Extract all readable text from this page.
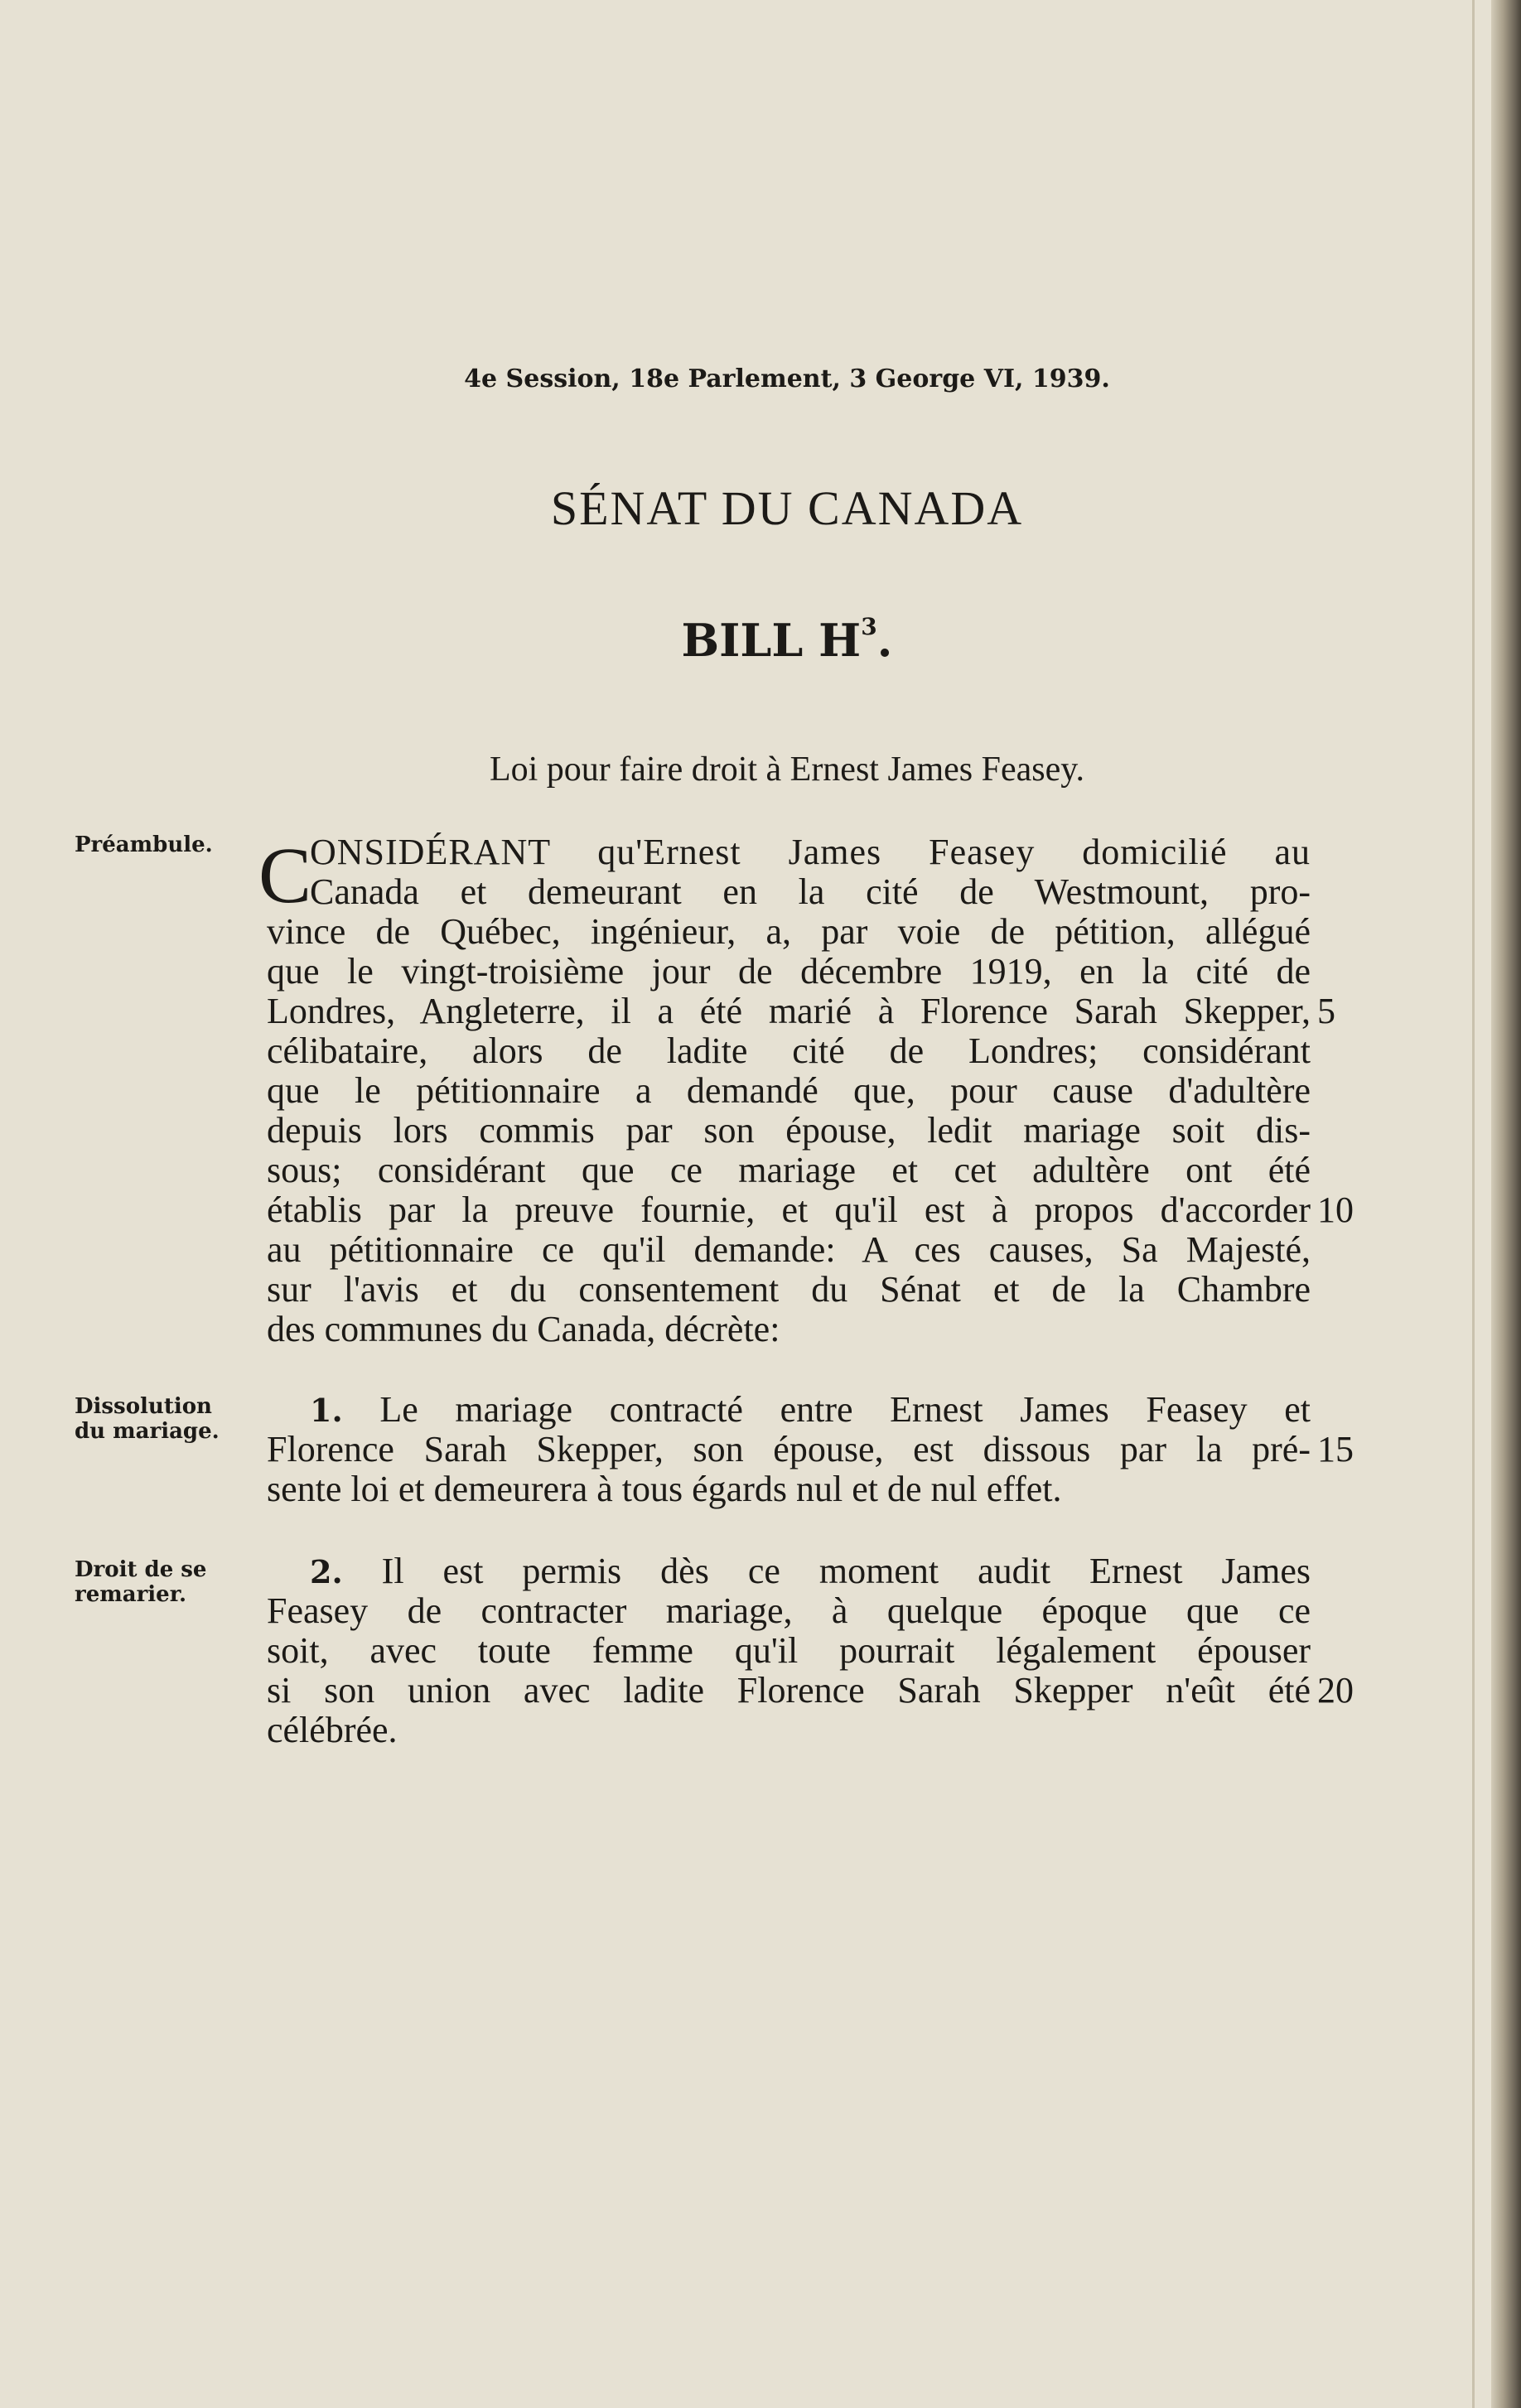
4e Session, 18e Parlement, 3 George VI, 1939.
SÉNAT DU CANADA
BILL $H^3$.
Loi pour faire droit à Ernest James Feasey.
Préambule.
Dissolution
du mariage.
Droit de se
remarier.
C
ONSIDÉRANT qu'Ernest James Feasey domicilié au
Canada et demeurant en la cité de Westmount, pro-
vince de Québec, ingénieur, a, par voie de pétition, allégué
que le vingt-troisième jour de décembre 1919, en la cité de
Londres, Angleterre, il a été marié à Florence Sarah Skepper,
célibataire, alors de ladite cité de Londres; considérant
que le pétitionnaire a demandé que, pour cause d'adultère
depuis lors commis par son épouse, ledit mariage soit dis-
sous; considérant que ce mariage et cet adultère ont été
établis par la preuve fournie, et qu'il est à propos d'accorder
au pétitionnaire ce qu'il demande: A ces causes, Sa Majesté,
sur l'avis et du consentement du Sénat et de la Chambre
des communes du Canada, décrète:
1. Le mariage contracté entre Ernest James Feasey et
Florence Sarah Skepper, son épouse, est dissous par la pré-
sente loi et demeurera à tous égards nul et de nul effet.
2. Il est permis dès ce moment audit Ernest James
Feasey de contracter mariage, à quelque époque que ce
soit, avec toute femme qu'il pourrait légalement épouser
si son union avec ladite Florence Sarah Skepper n'eût été
célébrée.
5
10
15
20
